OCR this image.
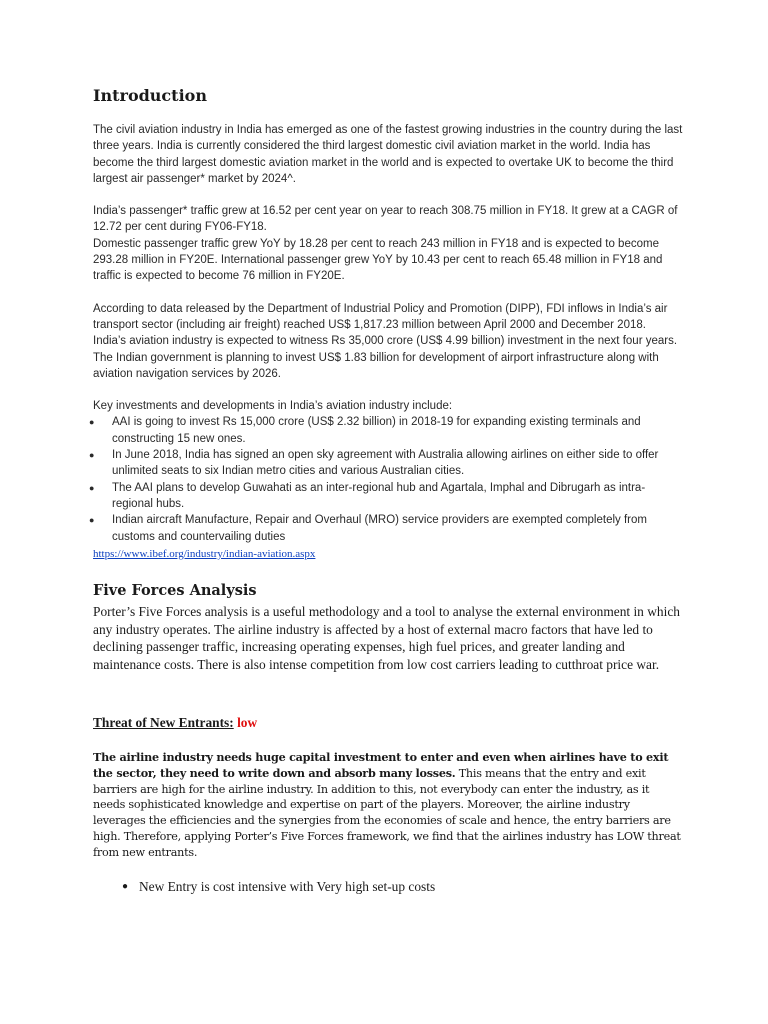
Introduction

The civil aviation industry in India has emerged as one of the fastest growing industries in the country during the last three years. India is currently considered the third largest domestic civil aviation market in the world. India has become the third largest domestic aviation market in the world and is expected to overtake UK to become the third largest air passenger* market by 2024^.

India’s passenger* traffic grew at 16.52 per cent year on year to reach 308.75 million in FY18. It grew at a CAGR of 12.72 per cent during FY06-FY18.

Domestic passenger traffic grew YoY by 18.28 per cent to reach 243 million in FY18 and is expected to become 293.28 million in FY20E. International passenger grew YoY by 10.43 per cent to reach 65.48 million in FY18 and traffic is expected to become 76 million in FY20E.

According to data released by the Department of Industrial Policy and Promotion (DIPP), FDI inflows in India’s air transport sector (including air freight) reached US$ 1,817.23 million between April 2000 and December 2018.

India’s aviation industry is expected to witness Rs 35,000 crore (US$ 4.99 billion) investment in the next four years. The Indian government is planning to invest US$ 1.83 billion for development of airport infrastructure along with aviation navigation services by 2026.

Key investments and developments in India’s aviation industry include:

● AAI is going to invest Rs 15,000 crore (US$ 2.32 billion) in 2018-19 for expanding existing terminals and constructing 15 new ones.
● In June 2018, India has signed an open sky agreement with Australia allowing airlines on either side to offer unlimited seats to six Indian metro cities and various Australian cities.
● The AAI plans to develop Guwahati as an inter-regional hub and Agartala, Imphal and Dibrugarh as intra-regional hubs.
● Indian aircraft Manufacture, Repair and Overhaul (MRO) service providers are exempted completely from customs and countervailing duties
https://www.ibef.org/industry/indian-aviation.aspx
Five Forces Analysis

Porter’s Five Forces analysis is a useful methodology and a tool to analyse the external environment in which any industry operates. The airline industry is affected by a host of external macro factors that have led to declining passenger traffic, increasing operating expenses, high fuel prices, and greater landing and maintenance costs. There is also intense competition from low cost carriers leading to cutthroat price war.

Threat of New Entrants: low

The airline industry needs huge capital investment to enter and even when airlines have to exit the sector, they need to write down and absorb many losses. This means that the entry and exit barriers are high for the airline industry. In addition to this, not everybody can enter the industry, as it needs sophisticated knowledge and expertise on part of the players. Moreover, the airline industry leverages the efficiencies and the synergies from the economies of scale and hence, the entry barriers are high. Therefore, applying Porter’s Five Forces framework, we find that the airlines industry has LOW threat from new entrants.

● New Entry is cost intensive with Very high set-up costs
